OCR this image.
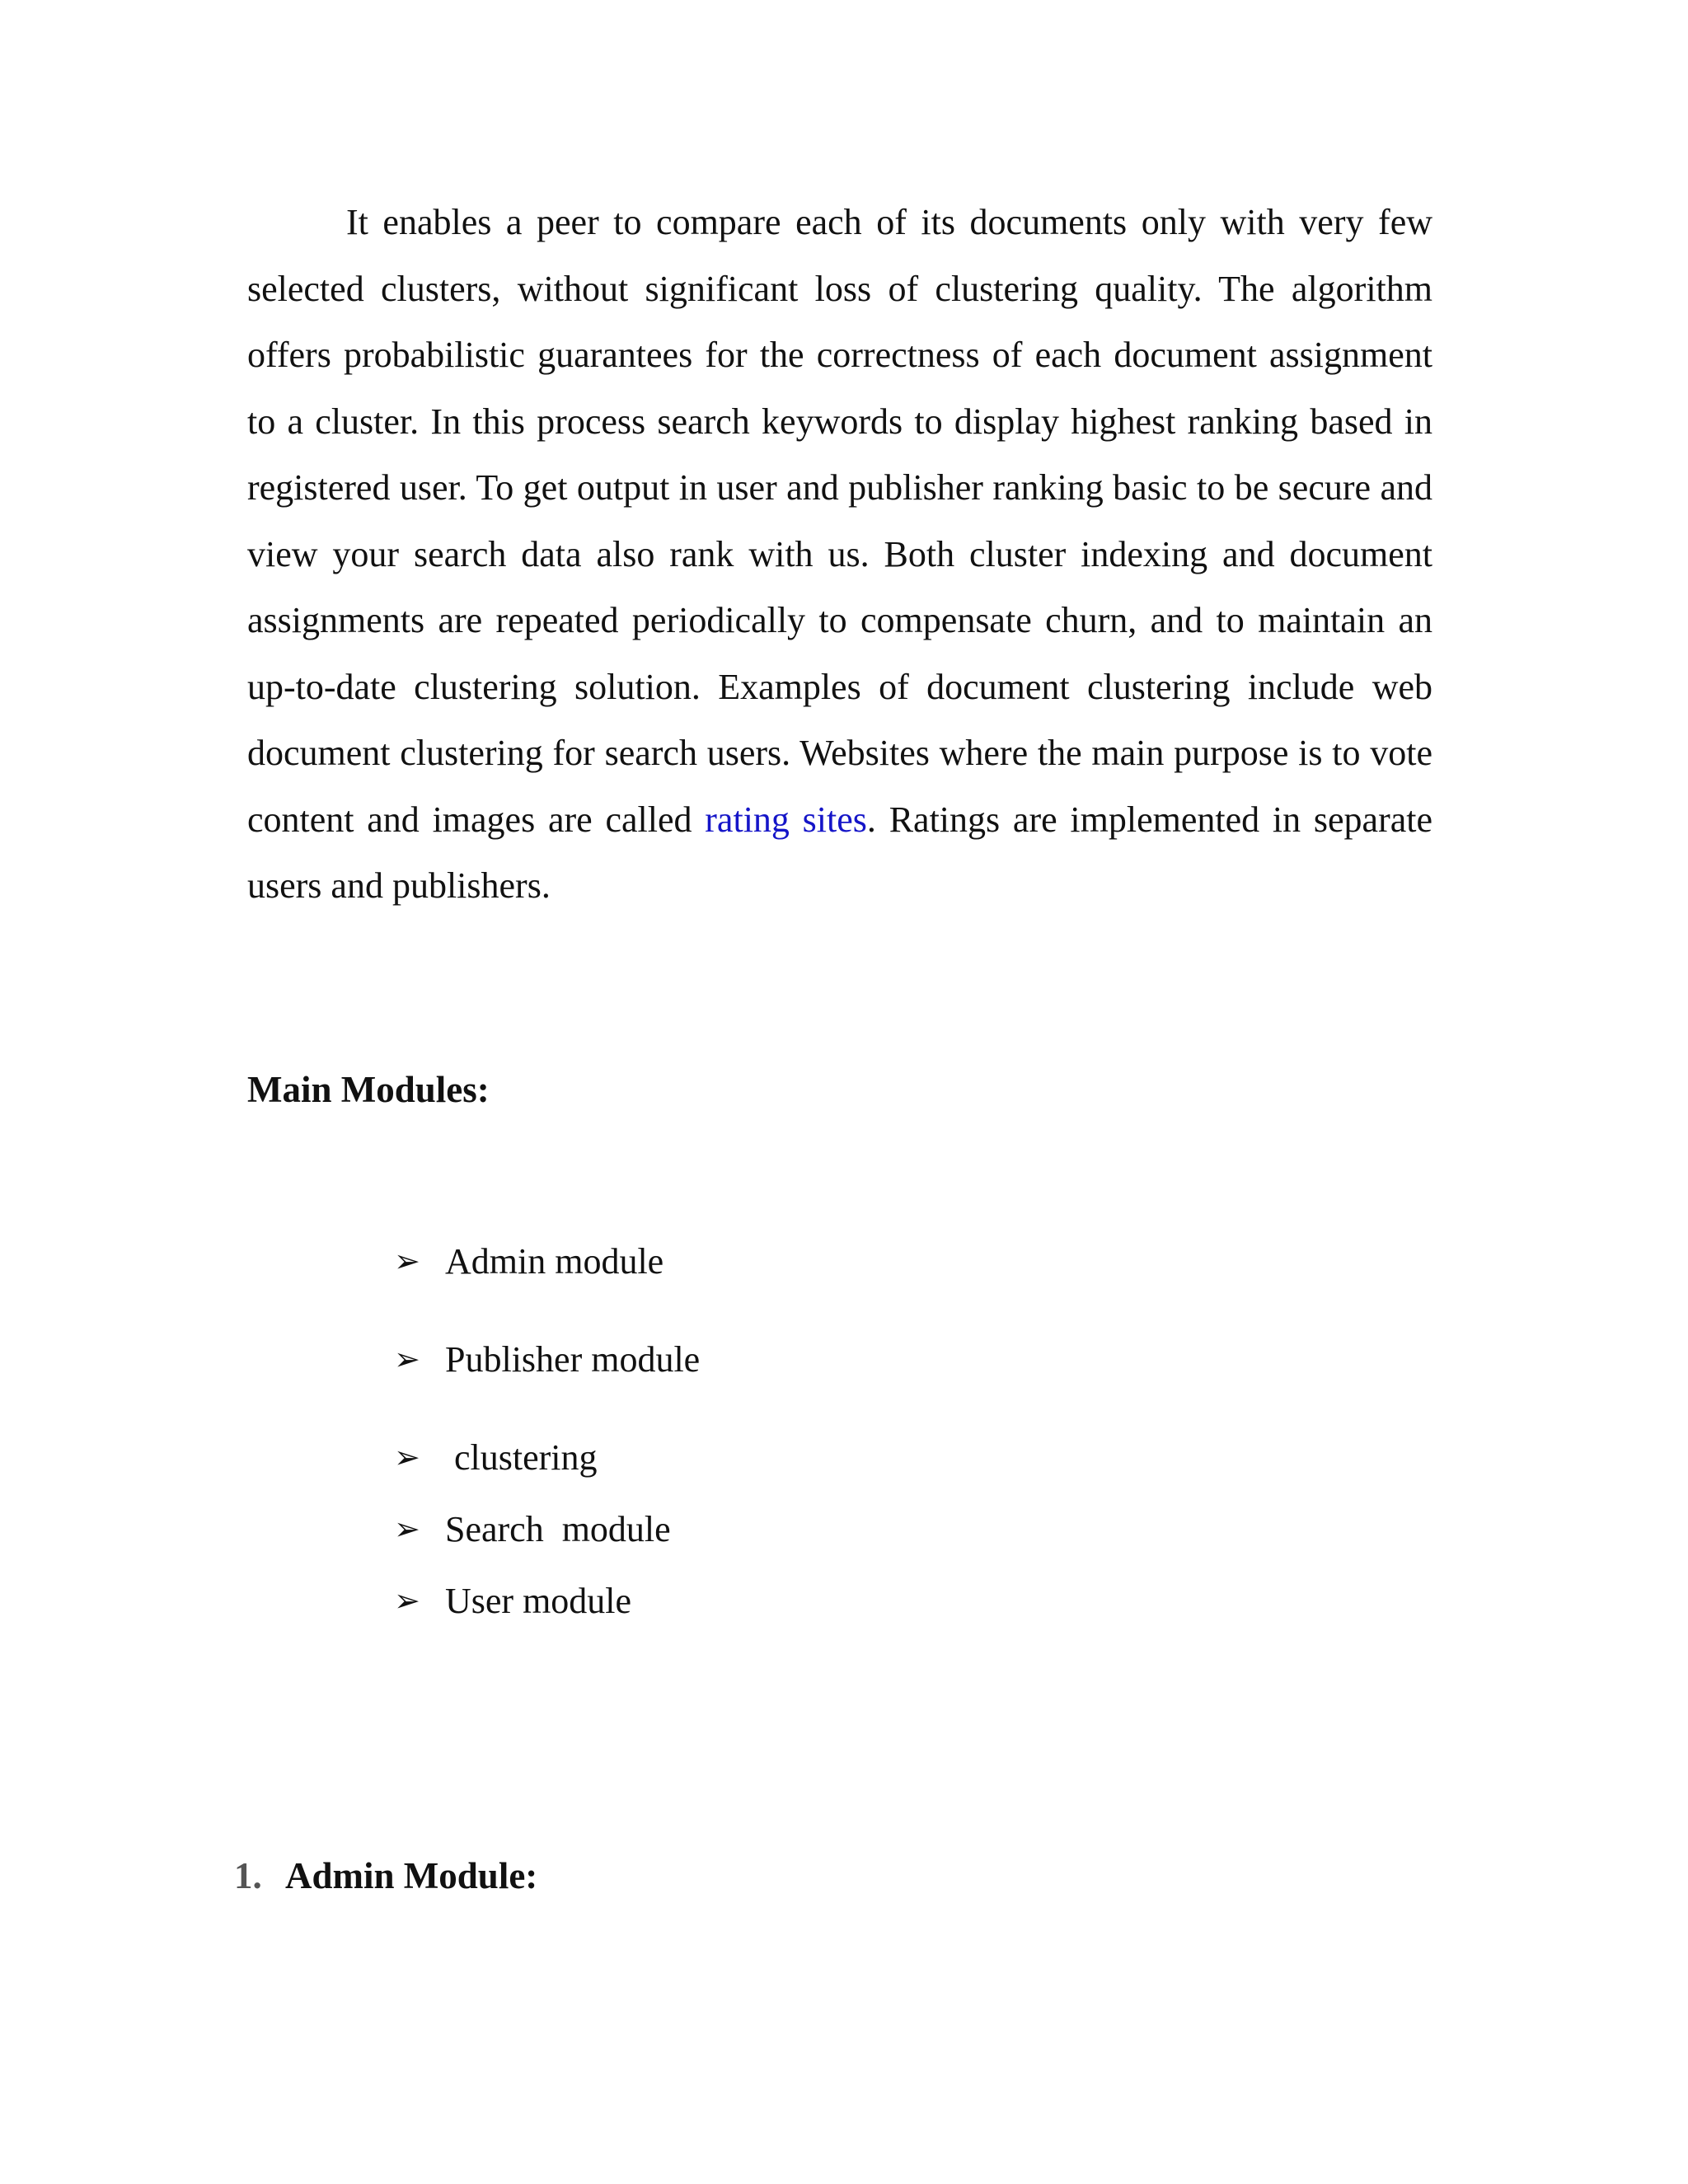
It enables a peer to compare each of its documents only with very few selected clusters, without significant loss of clustering quality. The algorithm offers probabilistic guarantees for the correctness of each document assignment to a cluster. In this process search keywords to display highest ranking based in registered user. To get output in user and publisher ranking basic to be secure and view your search data also rank with us. Both cluster indexing and document assignments are repeated periodically to compensate churn, and to maintain an up-to-date clustering solution. Examples of document clustering include web document clustering for search users. Websites where the main purpose is to vote content and images are called rating sites. Ratings are implemented in separate users and publishers.

Main Modules:
➢ Admin module
➢ Publisher module
➢ clustering
➢ Search  module
➢ User module
1. Admin Module:
